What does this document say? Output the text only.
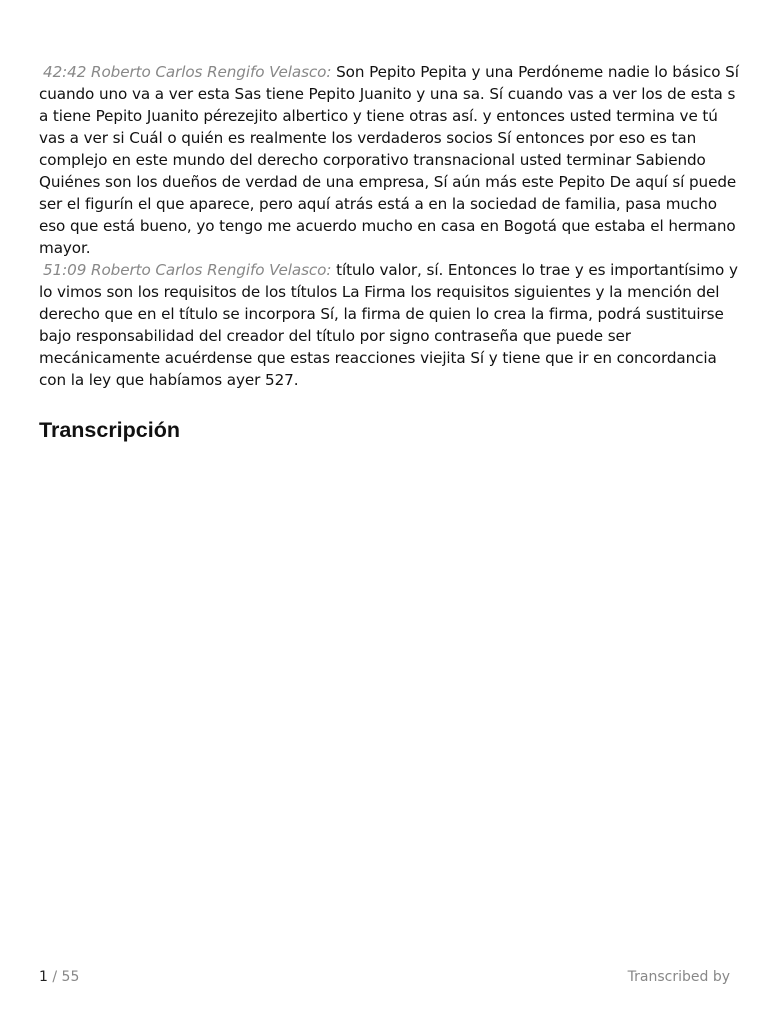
42:42 Roberto Carlos Rengifo Velasco: Son Pepito Pepita y una Perdóneme nadie lo básico Sí cuando uno va a ver esta Sas tiene Pepito Juanito y una sa. Sí cuando vas a ver los de esta s a tiene Pepito Juanito pérezejito albertico y tiene otras así. y entonces usted termina ve tú vas a ver si Cuál o quién es realmente los verdaderos socios Sí entonces por eso es tan complejo en este mundo del derecho corporativo transnacional usted terminar Sabiendo Quiénes son los dueños de verdad de una empresa, Sí aún más este Pepito De aquí sí puede ser el figurín el que aparece, pero aquí atrás está a en la sociedad de familia, pasa mucho eso que está bueno, yo tengo me acuerdo mucho en casa en Bogotá que estaba el hermano mayor.

51:09 Roberto Carlos Rengifo Velasco: título valor, sí. Entonces lo trae y es importantísimo y lo vimos son los requisitos de los títulos La Firma los requisitos siguientes y la mención del derecho que en el título se incorpora Sí, la firma de quien lo crea la firma, podrá sustituirse bajo responsabilidad del creador del título por signo contraseña que puede ser mecánicamente acuérdense que estas reacciones viejita Sí y tiene que ir en concordancia con la ley que habíamos ayer 527.

Transcripción
1 / 55	Transcribed by
